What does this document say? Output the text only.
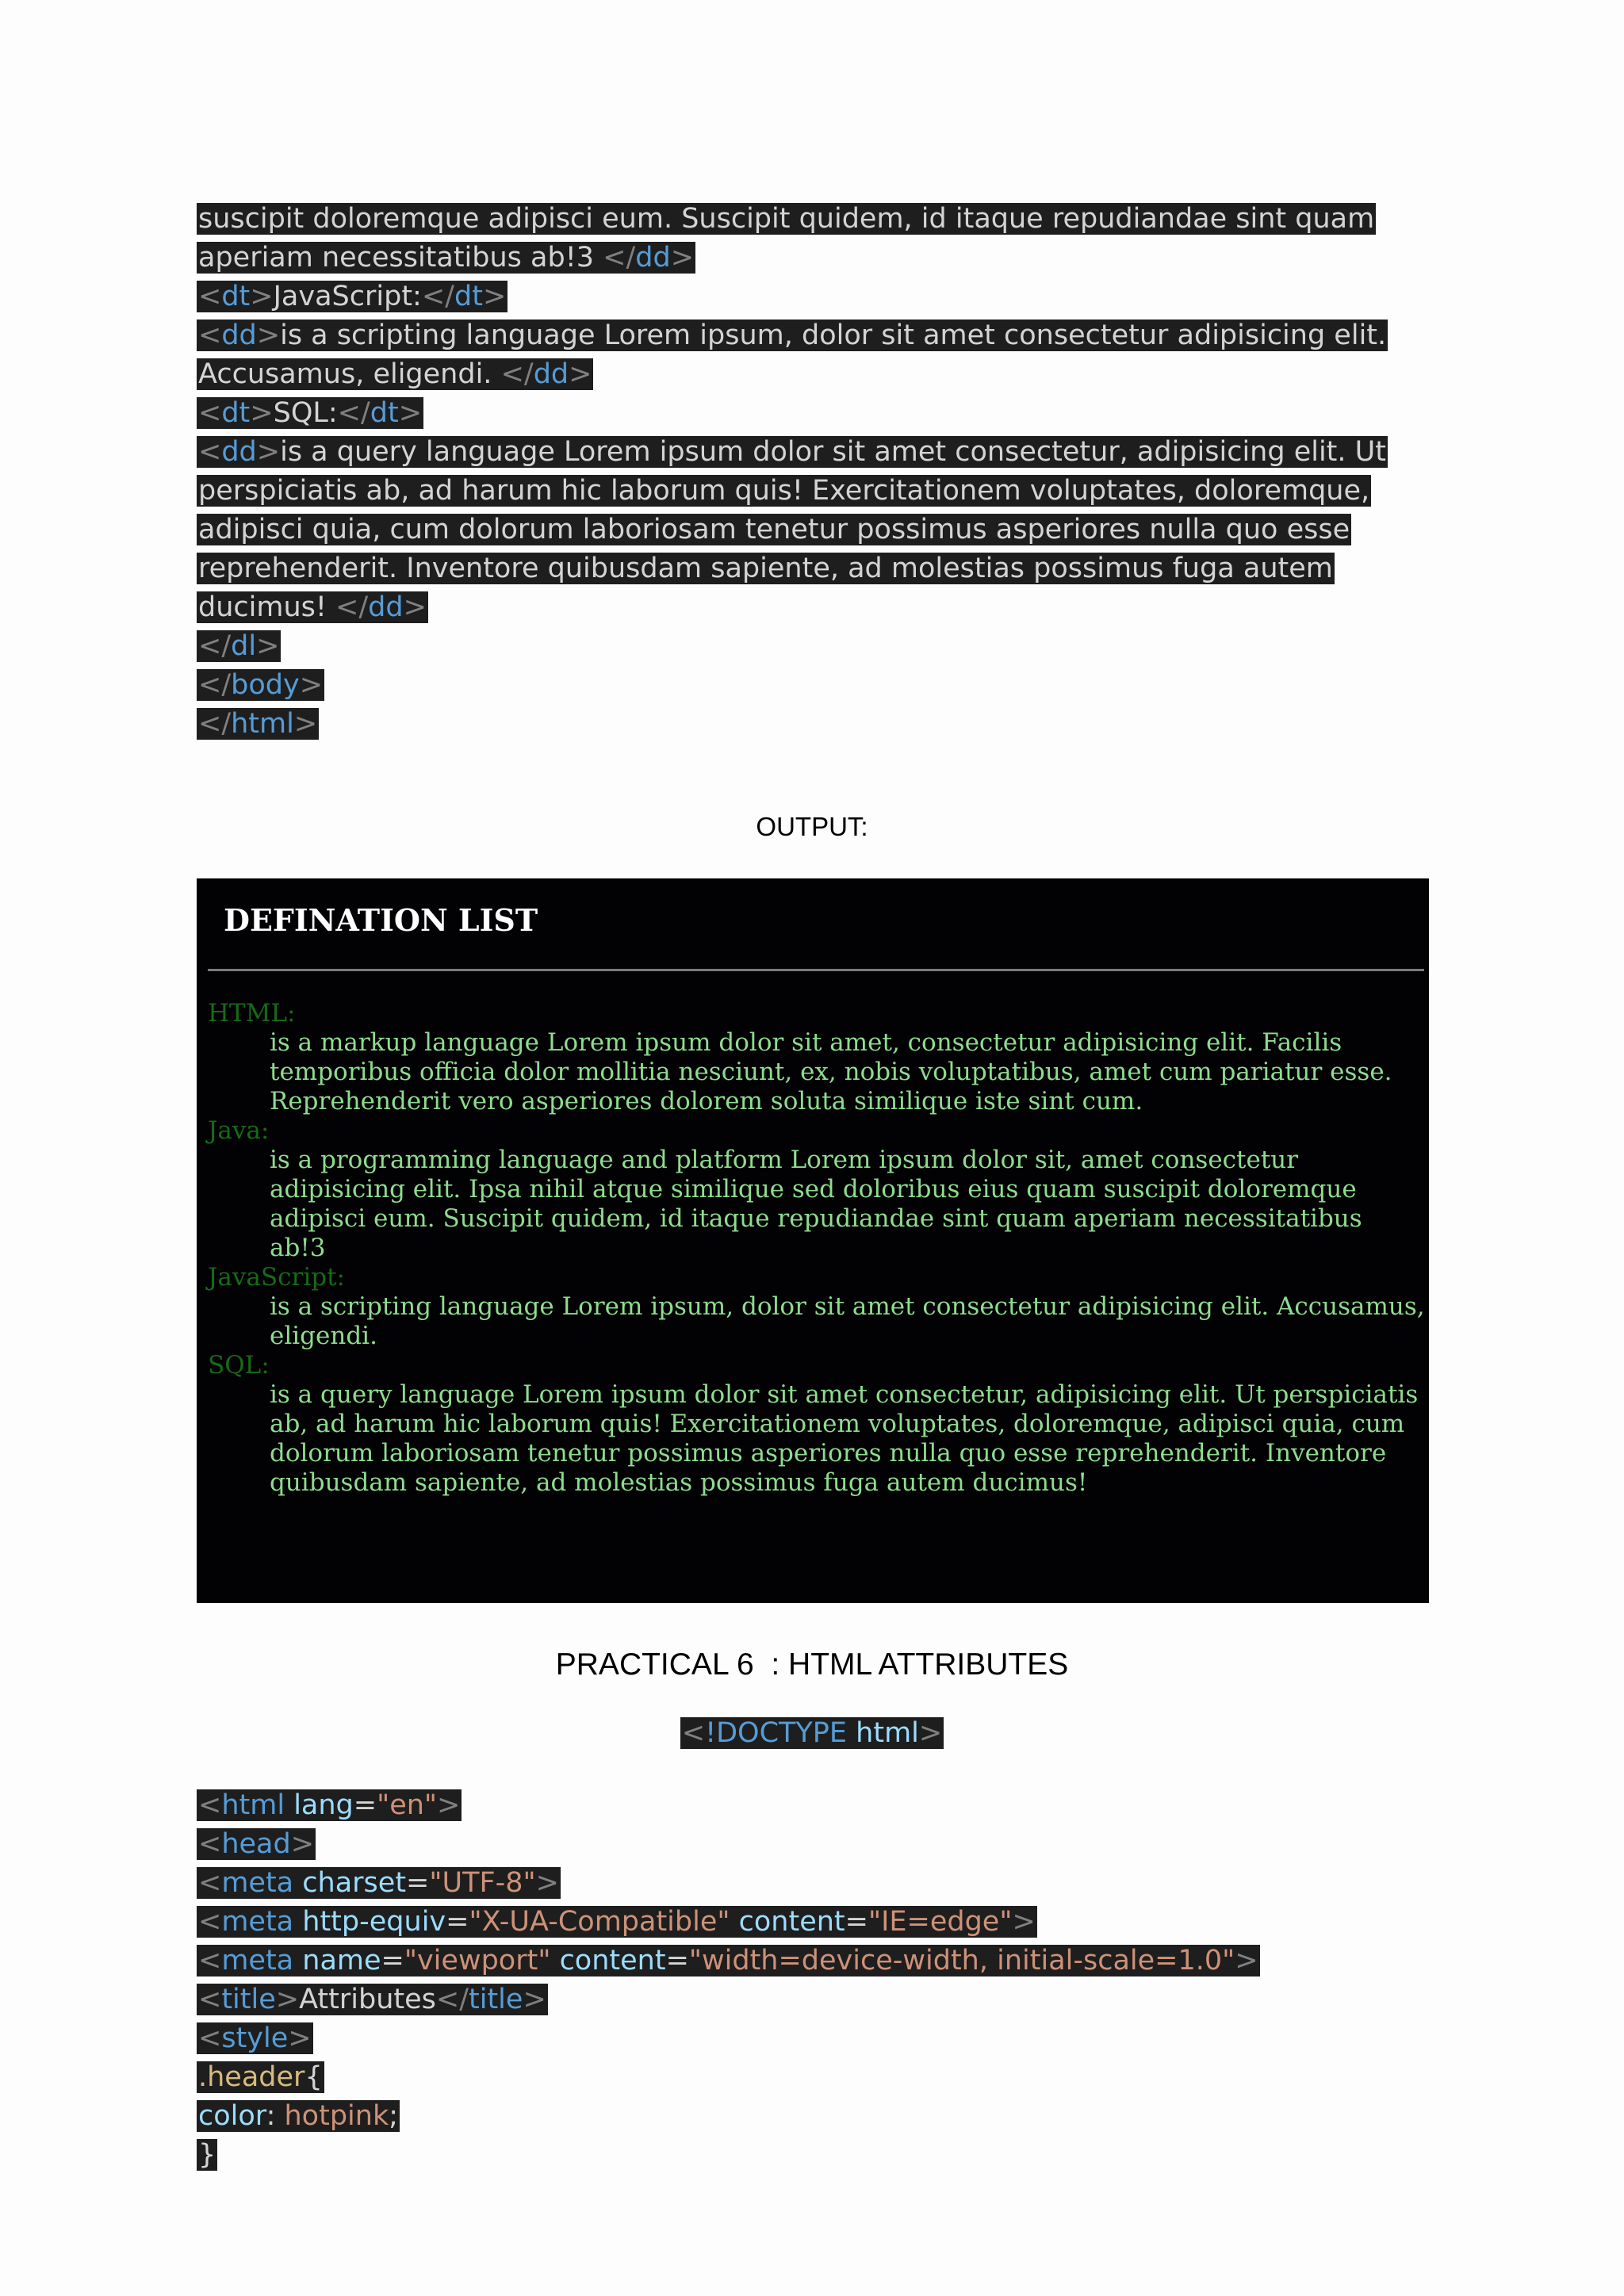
suscipit doloremque adipisci eum. Suscipit quidem, id itaque repudiandae sint quam
aperiam necessitatibus ab!3 </dd>
<dt>JavaScript:</dt>
<dd>is a scripting language Lorem ipsum, dolor sit amet consectetur adipisicing elit.
Accusamus, eligendi. </dd>
<dt>SQL:</dt>
<dd>is a query language Lorem ipsum dolor sit amet consectetur, adipisicing elit. Ut
perspiciatis ab, ad harum hic laborum quis! Exercitationem voluptates, doloremque,
adipisci quia, cum dolorum laboriosam tenetur possimus asperiores nulla quo esse
reprehenderit. Inventore quibusdam sapiente, ad molestias possimus fuga autem
ducimus! </dd>
</dl>
</body>
</html>
OUTPUT:
DEFINATION LIST
HTML:
is a markup language Lorem ipsum dolor sit amet, consectetur adipisicing elit. Facilis temporibus officia dolor mollitia nesciunt, ex, nobis voluptatibus, amet cum pariatur esse. Reprehenderit vero asperiores dolorem soluta similique iste sint cum.
Java:
is a programming language and platform Lorem ipsum dolor sit, amet consectetur adipisicing elit. Ipsa nihil atque similique sed doloribus eius quam suscipit doloremque adipisci eum. Suscipit quidem, id itaque repudiandae sint quam aperiam necessitatibus ab!3
JavaScript:
is a scripting language Lorem ipsum, dolor sit amet consectetur adipisicing elit. Accusamus, eligendi.
SQL:
is a query language Lorem ipsum dolor sit amet consectetur, adipisicing elit. Ut perspiciatis ab, ad harum hic laborum quis! Exercitationem voluptates, doloremque, adipisci quia, cum dolorum laboriosam tenetur possimus asperiores nulla quo esse reprehenderit. Inventore quibusdam sapiente, ad molestias possimus fuga autem ducimus!
PRACTICAL 6  : HTML ATTRIBUTES
<!DOCTYPE html>
<html lang="en">
<head>
<meta charset="UTF-8">
<meta http-equiv="X-UA-Compatible" content="IE=edge">
<meta name="viewport" content="width=device-width, initial-scale=1.0">
<title>Attributes</title>
<style>
.header{
color: hotpink;
}
